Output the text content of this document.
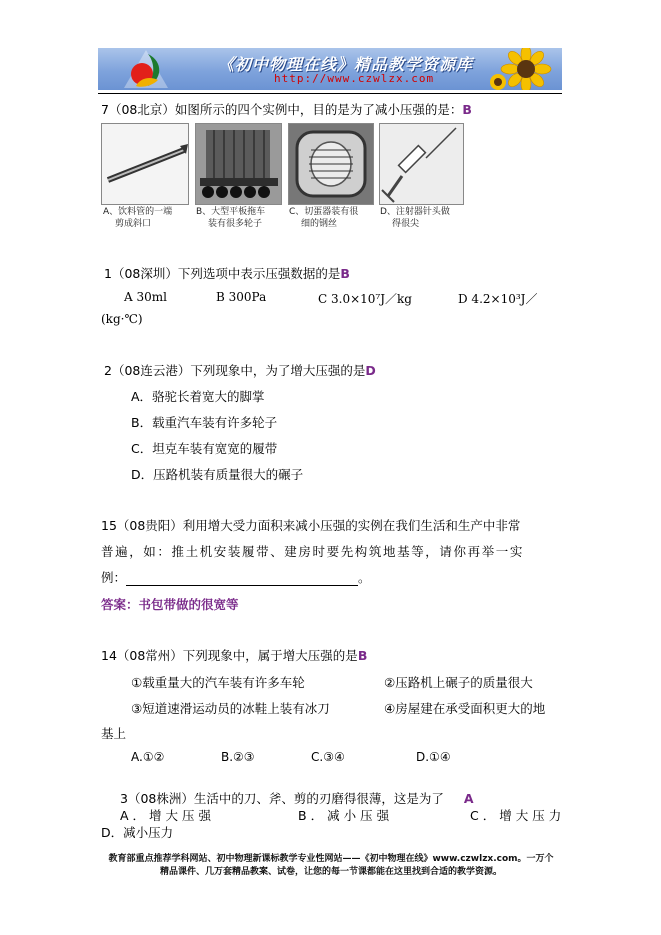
《初中物理在线》精品教学资源库
http://www.czwlzx.com
7（08北京）如图所示的四个实例中，目的是为了减小压强的是：B
A、饮料管的一端
剪成斜口
B、大型平板拖车
装有很多轮子
C、切蛋器装有很
细的钢丝
D、注射器针头做
得很尖
1（08深圳）下列选项中表示压强数据的是B
A 30ml	B 300Pa	C 3.0×10⁷J／kg	D 4.2×10³J／
(kg·℃)
2（08连云港）下列现象中，为了增大压强的是D
A．骆驼长着宽大的脚掌
B．载重汽车装有许多轮子
C．坦克车装有宽宽的履带
D．压路机装有质量很大的碾子
15（08贵阳）利用增大受力面积来减小压强的实例在我们生活和生产中非常
普遍，如：推土机安装履带、建房时要先构筑地基等，请你再举一实
例：	。
答案：书包带做的很宽等
14（08常州）下列现象中，属于增大压强的是B
①载重量大的汽车装有许多车轮	②压路机上碾子的质量很大
③短道速滑运动员的冰鞋上装有冰刀	④房屋建在承受面积更大的地
基上
A.①②	B.②③	C.③④	D.①④
3（08株洲）生活中的刀、斧、剪的刃磨得很薄，这是为了 A
A．增大压强	B．减小压强	C．增大压力
D．减小压力
教育部重点推荐学科网站、初中物理新课标教学专业性网站——《初中物理在线》www.czwlzx.com。一万个
精品课件、几万套精品教案、试卷，让您的每一节课都能在这里找到合适的教学资源。
